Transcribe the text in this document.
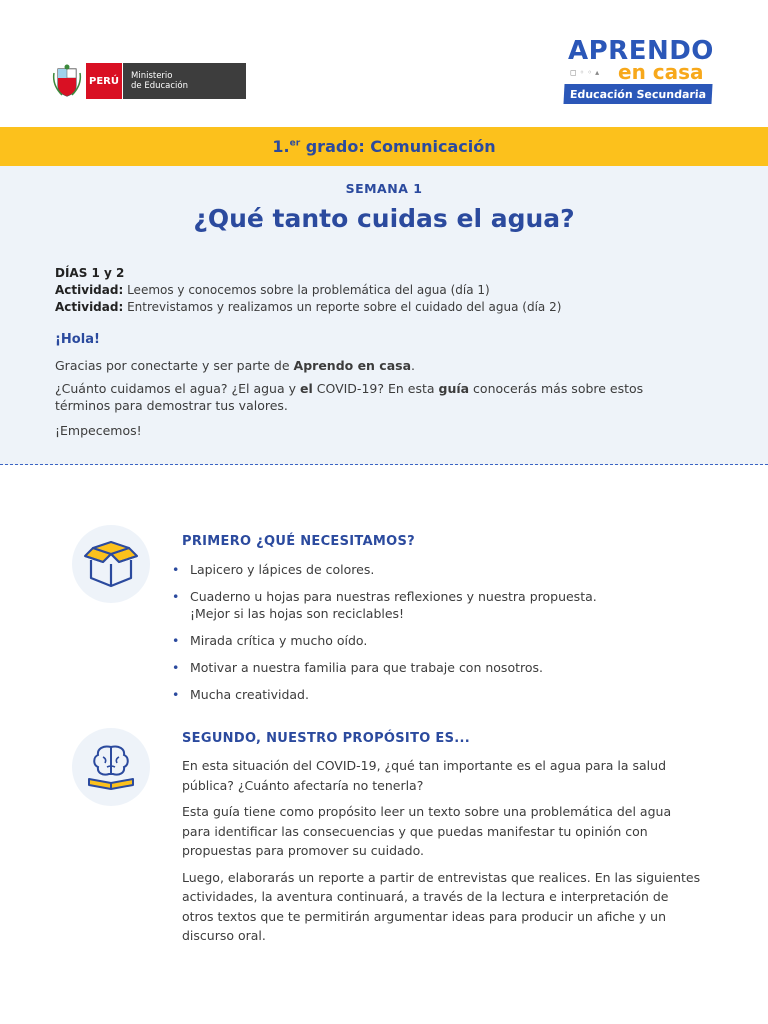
PERÚ	Ministerio
de Educación
APRENDO
◻◦◦▴ en casa
Educación Secundaria
1.$^{er}$ grado: Comunicación
SEMANA 1
¿Qué tanto cuidas el agua?
DÍAS 1 y 2
Actividad: Leemos y conocemos sobre la problemática del agua (día 1)
Actividad: Entrevistamos y realizamos un reporte sobre el cuidado del agua (día 2)
¡Hola!
Gracias por conectarte y ser parte de Aprendo en casa.
¿Cuánto cuidamos el agua? ¿El agua y el COVID-19? En esta guía conocerás más sobre estos términos para demostrar tus valores.
¡Empecemos!
PRIMERO ¿QUÉ NECESITAMOS?
• Lapicero y lápices de colores.
• Cuaderno u hojas para nuestras reflexiones y nuestra propuesta. ¡Mejor si las hojas son reciclables!
• Mirada crítica y mucho oído.
• Motivar a nuestra familia para que trabaje con nosotros.
• Mucha creatividad.
SEGUNDO, NUESTRO PROPÓSITO ES...

En esta situación del COVID-19, ¿qué tan importante es el agua para la salud pública? ¿Cuánto afectaría no tenerla?

Esta guía tiene como propósito leer un texto sobre una problemática del agua para identificar las consecuencias y que puedas manifestar tu opinión con propuestas para promover su cuidado.

Luego, elaborarás un reporte a partir de entrevistas que realices. En las siguientes actividades, la aventura continuará, a través de la lectura e interpretación de otros textos que te permitirán argumentar ideas para producir un afiche y un discurso oral.
